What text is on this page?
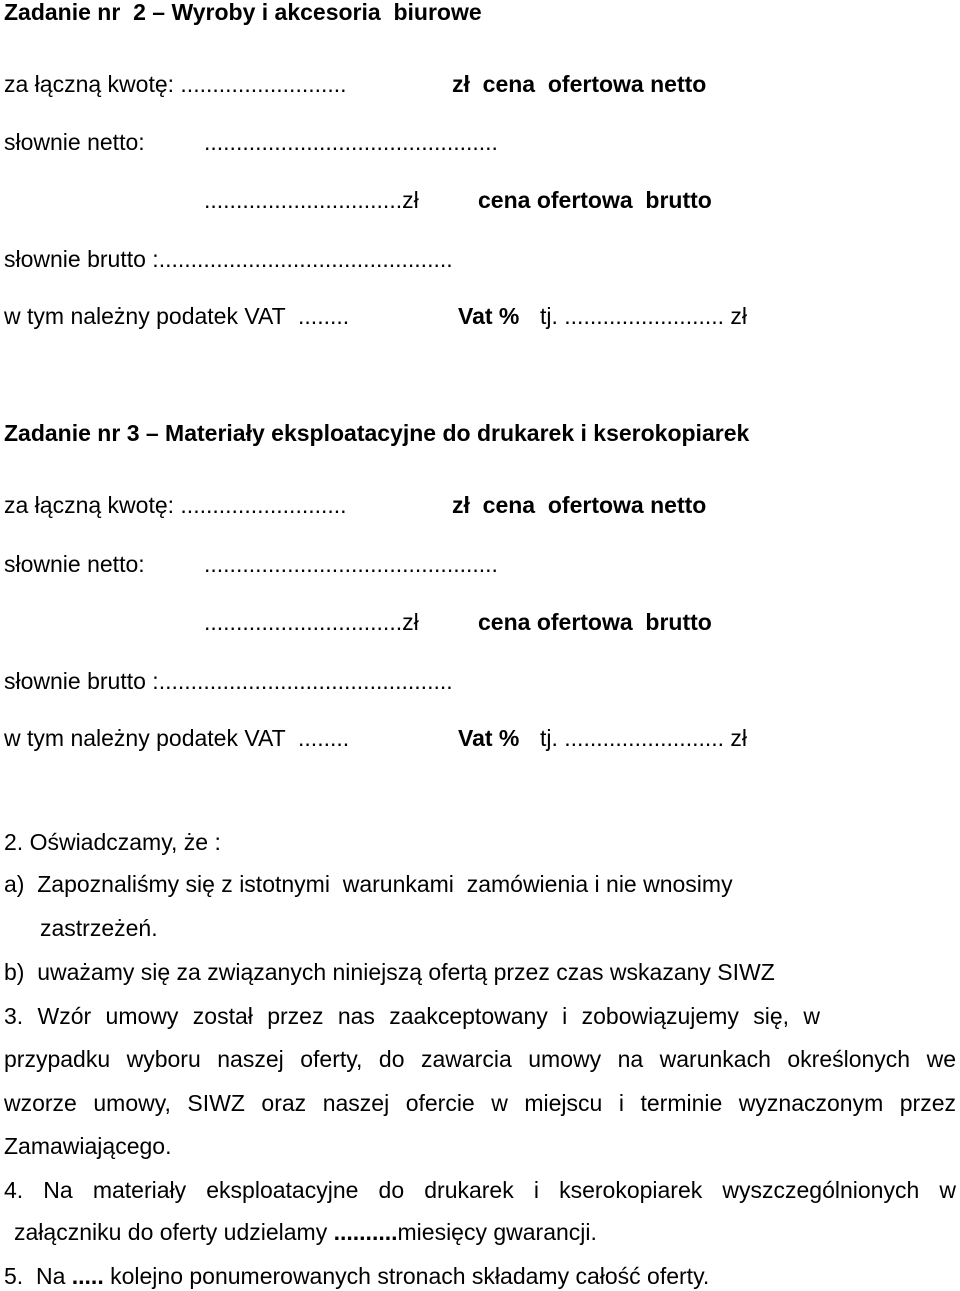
Zadanie nr  2 – Wyroby i akcesoria  biurowe
za łączną kwotę: ..........................	zł  cena  ofertowa netto
słownie netto:	..............................................
...............................zł	cena ofertowa  brutto
słownie brutto :..............................................
w tym należny podatek VAT  ........	Vat % tj. ......................... zł
Zadanie nr 3 – Materiały eksploatacyjne do drukarek i kserokopiarek
za łączną kwotę: ..........................	zł  cena  ofertowa netto
słownie netto:	..............................................
...............................zł	cena ofertowa  brutto
słownie brutto :..............................................
w tym należny podatek VAT  ........	Vat % tj. ......................... zł
2. Oświadczamy, że :
a)  Zapoznaliśmy się z istotnymi  warunkami  zamówienia i nie wnosimy
zastrzeżeń.
b)  uważamy się za związanych niniejszą ofertą przez czas wskazany SIWZ
3. Wzór umowy został przez nas zaakceptowany i zobowiązujemy się, w
przypadku wyboru naszej oferty, do zawarcia umowy na warunkach określonych we
wzorze umowy, SIWZ oraz naszej ofercie w miejscu i terminie wyznaczonym przez
Zamawiającego.
4. Na materiały eksploatacyjne do drukarek i kserokopiarek wyszczególnionych w
załączniku do oferty udzielamy ..........miesięcy gwarancji.
5.  Na ..... kolejno ponumerowanych stronach składamy całość oferty.
